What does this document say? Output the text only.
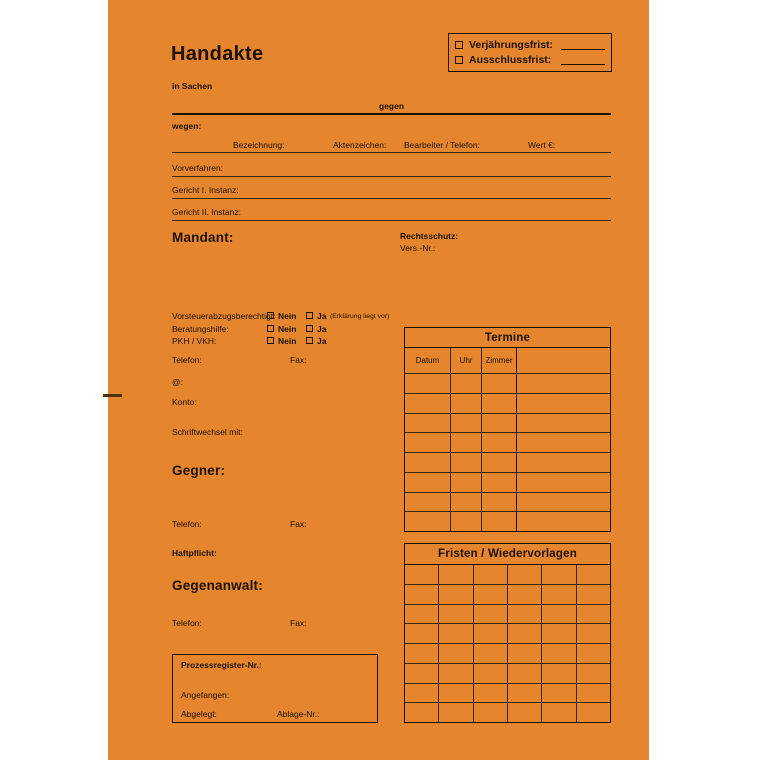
Handakte	Verjährungsfrist:
Ausschlussfrist:
in Sachen
gegen
wegen:
Bezeichnung:	Aktenzeichen: Bearbeiter / Telefon:	Wert €:
Vorverfahren:
Gericht I. Instanz:
Gericht II. Instanz:
Mandant:	Rechtsschutz:
Vers.-Nr.:
Vorsteuerabzugsberechtigt: Nein Ja (Erklärung liegt vor)
Beratungshilfe:	Nein Ja
PKH / VKH:	Nein Ja
Telefon:	Fax:
@:
Konto:
Schriftwechsel mit:
Gegner:
Telefon:	Fax:
Haftpflicht:
Gegenanwalt:
Telefon:	Fax:
Prozessregister-Nr.:
Angefangen:
Abgelegt:	Ablage-Nr.:
Termine
Datum	Uhr	Zimmer
Fristen / Wiedervorlagen
